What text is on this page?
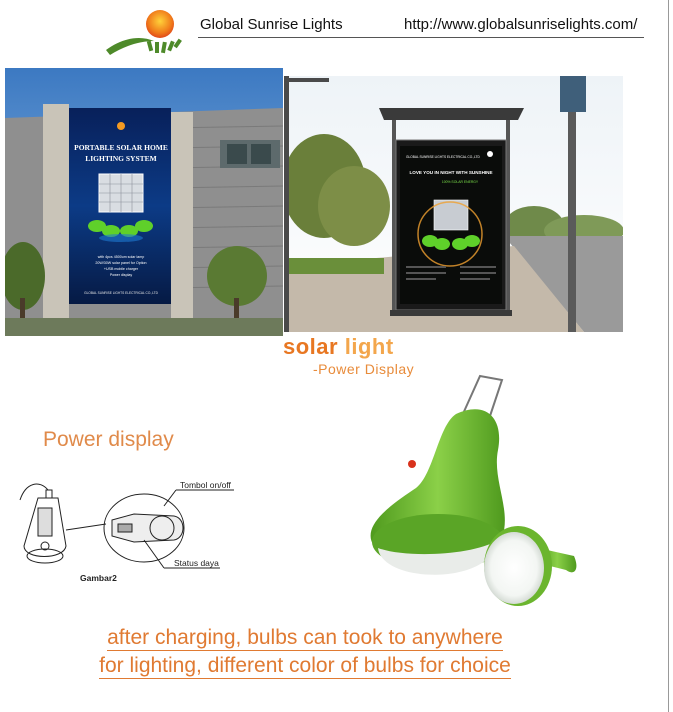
Global Sunrise Lights	http://www.globalsunriselights.com/
PORTABLE SOLAR HOME
LIGHTING SYSTEM
with 4pcs 4500um solar lamp
20W/30W solar panel for Option
+USB mobile charger
Power display
GLOBAL SUNRISE LIGHTS ELECTRICAL CO.,LTD
GLOBAL SUNRISE LIGHTS ELECTRICAL CO.,LTD
LOVE YOU IN NIGHT WITH SUNSHINE
100% SOLAR ENERGY
solar light
-Power Display
Power display
Tombol on/off
Status daya
Gambar2
after charging, bulbs can took to anywhere
for lighting, different color of bulbs for choice
